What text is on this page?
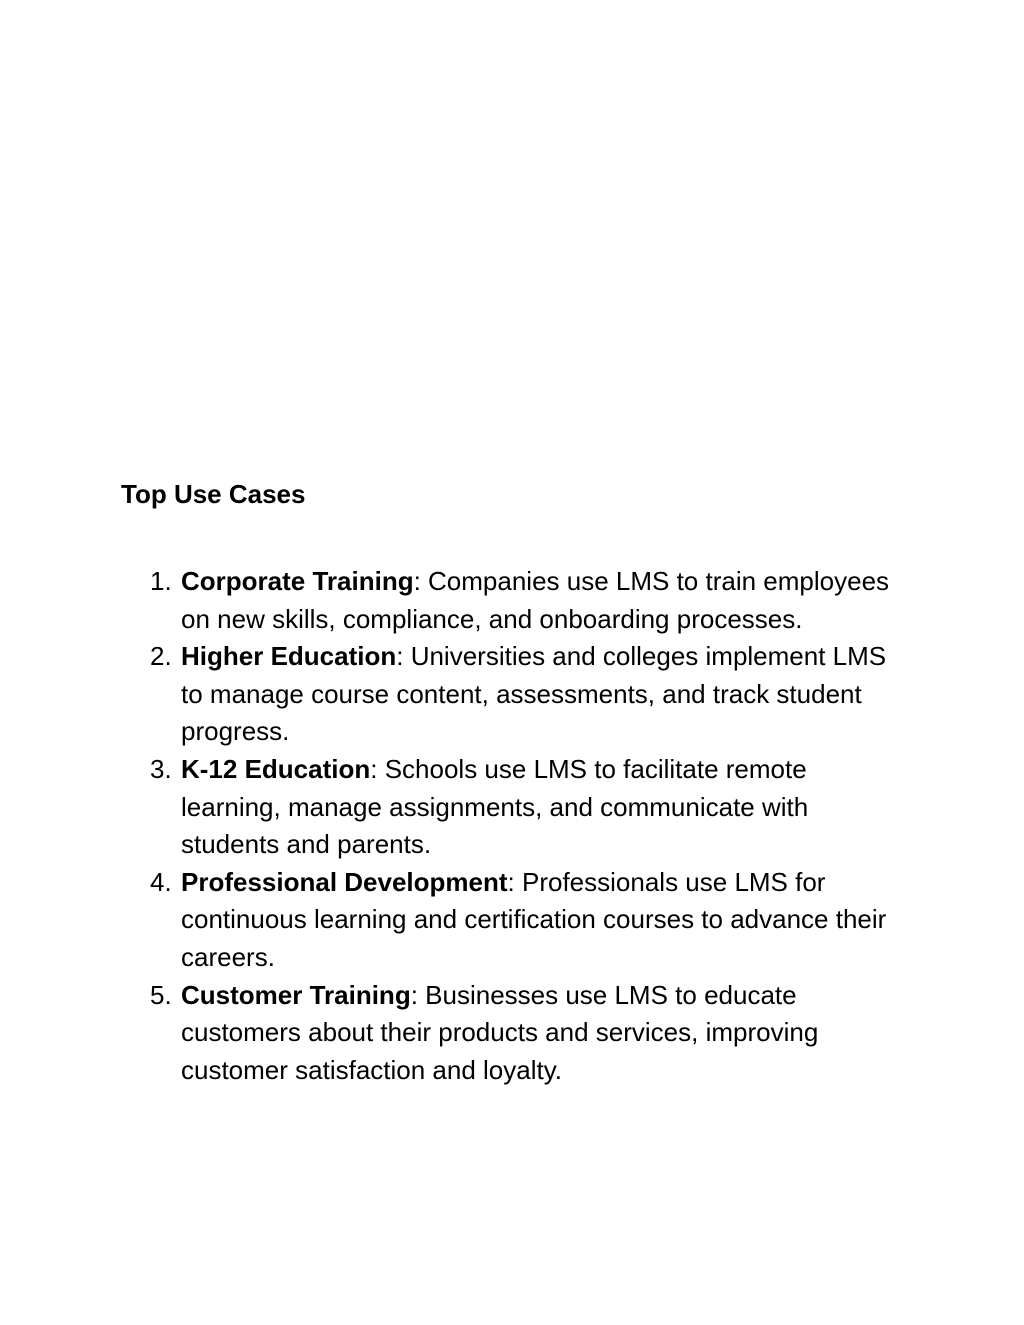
Top Use Cases
1. Corporate Training: Companies use LMS to train employees on new skills, compliance, and onboarding processes.
2. Higher Education: Universities and colleges implement LMS to manage course content, assessments, and track student progress.
3. K-12 Education: Schools use LMS to facilitate remote learning, manage assignments, and communicate with students and parents.
4. Professional Development: Professionals use LMS for continuous learning and certification courses to advance their careers.
5. Customer Training: Businesses use LMS to educate customers about their products and services, improving customer satisfaction and loyalty.
